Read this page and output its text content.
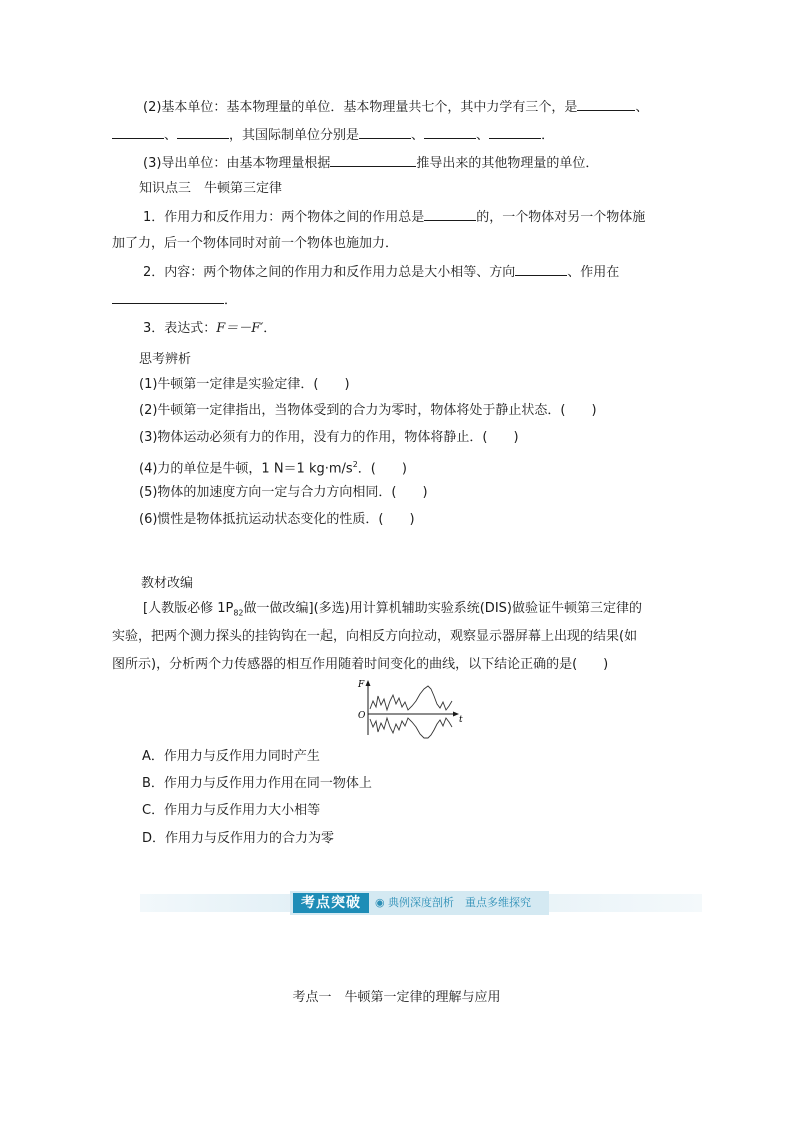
(2)基本单位：基本物理量的单位．基本物理量共七个，其中力学有三个，是	、
、	，其国际制单位分别是	、	、	．
(3)导出单位：由基本物理量根据	推导出来的其他物理量的单位．
知识点三　牛顿第三定律
1．作用力和反作用力：两个物体之间的作用总是	的，一个物体对另一个物体施
加了力，后一个物体同时对前一个物体也施加力．
2．内容：两个物体之间的作用力和反作用力总是大小相等、方向	、作用在
．
3．表达式：F＝－F′．
思考辨析
(1)牛顿第一定律是实验定律．(　　)
(2)牛顿第一定律指出，当物体受到的合力为零时，物体将处于静止状态．(　　)
(3)物体运动必须有力的作用，没有力的作用，物体将静止．(　　)
(4)力的单位是牛顿，1 N＝1 $kg\cdot m/s^2$．(　　)
(5)物体的加速度方向一定与合力方向相同．(　　)
(6)惯性是物体抵抗运动状态变化的性质．(　　)
教材改编
[人教版必修 $1P_{82}$做一做改编](多选)用计算机辅助实验系统(DIS)做验证牛顿第三定律的
实验，把两个测力探头的挂钩钩在一起，向相反方向拉动，观察显示器屏幕上出现的结果(如
图所示)，分析两个力传感器的相互作用随着时间变化的曲线，以下结论正确的是(　　)
F
O	t
A．作用力与反作用力同时产生
B．作用力与反作用力作用在同一物体上
C．作用力与反作用力大小相等
D．作用力与反作用力的合力为零
考点突破	◉ 典例深度剖析　重点多维探究
考点一　牛顿第一定律的理解与应用
